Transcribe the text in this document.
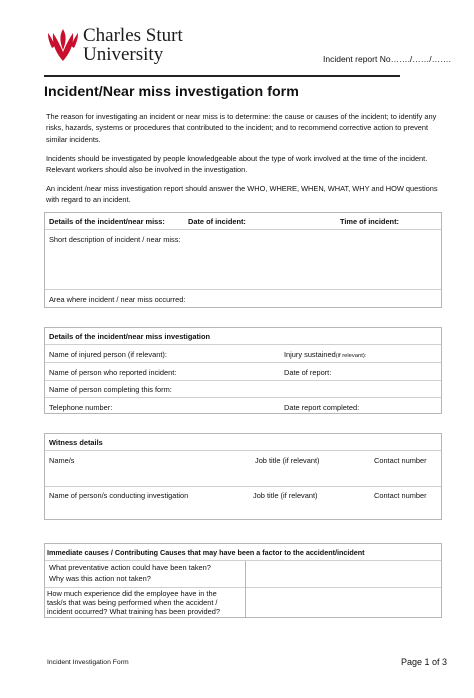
Charles Sturt
University	Incident report No……./……/…….
Incident/Near miss investigation form

The reason for investigating an incident or near miss is to determine: the cause or causes of the incident; to identify any risks, hazards, systems or procedures that contributed to the incident; and to recommend corrective action to prevent similar incidents.

Incidents should be investigated by people knowledgeable about the type of work involved at the time of the incident. Relevant workers should also be involved in the investigation.

An incident /near miss investigation report should answer the WHO, WHERE, WHEN, WHAT, WHY and HOW questions with regard to an incident.

Details of the incident/near miss:	Date of incident:	Time of incident:
Short description of incident / near miss:
Area where incident / near miss occurred:
Details of the incident/near miss investigation
Name of injured person (if relevant):	Injury sustained(if relevant):
Name of person who reported incident:	Date of report:
Name of person completing this form:
Telephone number:	Date report completed:
Witness details
Name/s	Job title (if relevant)	Contact number
Name of person/s conducting investigation	Job title (if relevant)	Contact number
Immediate causes / Contributing Causes that may have been a factor to the accident/incident
What preventative action could have been taken?
Why was this action not taken?
How much experience did the employee have in the
task/s that was being performed when the accident /
incident occurred? What training has been provided?
Incident Investigation Form	Page 1 of 3
